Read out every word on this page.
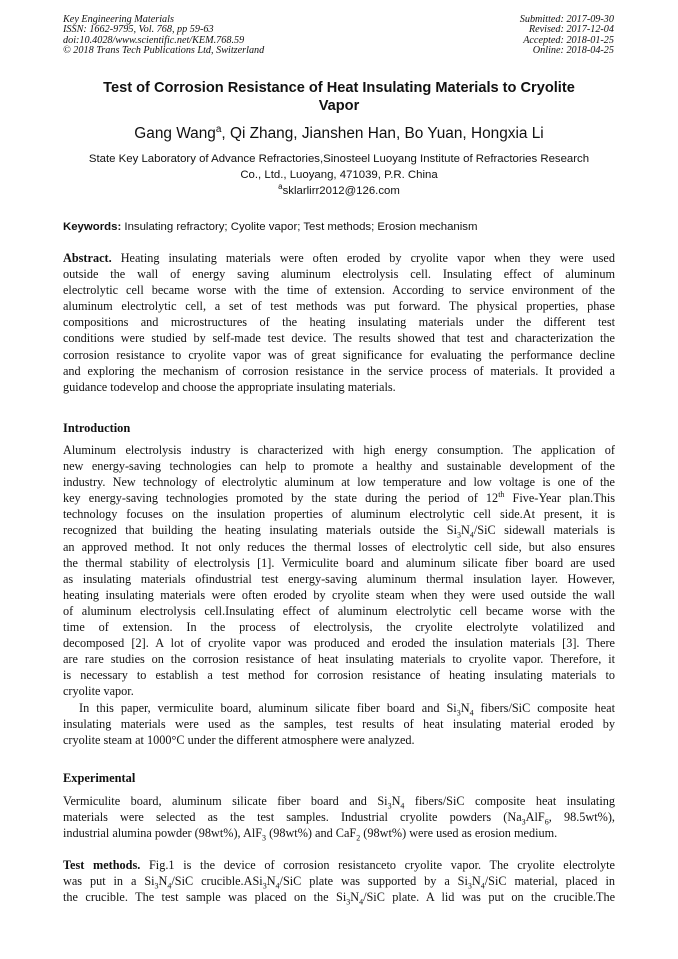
Key Engineering Materials
ISSN: 1662-9795, Vol. 768, pp 59-63
doi:10.4028/www.scientific.net/KEM.768.59
© 2018 Trans Tech Publications Ltd, Switzerland
Submitted: 2017-09-30
Revised: 2017-12-04
Accepted: 2018-01-25
Online: 2018-04-25
Test of Corrosion Resistance of Heat Insulating Materials to Cryolite
Vapor
Gang Wang$^a$, Qi Zhang, Jianshen Han, Bo Yuan, Hongxia Li
State Key Laboratory of Advance Refractories,Sinosteel Luoyang Institute of Refractories Research
Co., Ltd., Luoyang, 471039, P.R. China
$^a$sklarlirr2012@126.com
Keywords: Insulating refractory; Cyolite vapor; Test methods; Erosion mechanism
Abstract. Heating insulating materials were often eroded by cryolite vapor when they were used
outside the wall of energy saving aluminum electrolysis cell. Insulating effect of aluminum
electrolytic cell became worse with the time of extension. According to service environment of the
aluminum electrolytic cell, a set of test methods was put forward. The physical properties, phase
compositions and microstructures of the heating insulating materials under the different test
conditions were studied by self-made test device. The results showed that test and characterization the
corrosion resistance to cryolite vapor was of great significance for evaluating the performance decline
and exploring the mechanism of corrosion resistance in the service process of materials. It provided a
guidance todevelop and choose the appropriate insulating materials.
Introduction
Aluminum electrolysis industry is characterized with high energy consumption. The application of
new energy-saving technologies can help to promote a healthy and sustainable development of the
industry. New technology of electrolytic aluminum at low temperature and low voltage is one of the
key energy-saving technologies promoted by the state during the period of 12th Five-Year plan.This
technology focuses on the insulation properties of aluminum electrolytic cell side.At present, it is
recognized that building the heating insulating materials outside the $Si_3N_4$/SiC sidewall materials is
an approved method. It not only reduces the thermal losses of electrolytic cell side, but also ensures
the thermal stability of electrolysis [1]. Vermiculite board and aluminum silicate fiber board are used
as insulating materials ofindustrial test energy-saving aluminum thermal insulation layer. However,
heating insulating materials were often eroded by cryolite steam when they were used outside the wall
of aluminum electrolysis cell.Insulating effect of aluminum electrolytic cell became worse with the
time of extension. In the process of electrolysis, the cryolite electrolyte volatilized and
decomposed [2]. A lot of cryolite vapor was produced and eroded the insulation materials [3]. There
are rare studies on the corrosion resistance of heat insulating materials to cryolite vapor. Therefore, it
is necessary to establish a test method for corrosion resistance of heating insulating materials to
cryolite vapor.
In this paper, vermiculite board, aluminum silicate fiber board and $Si_3N_4$ fibers/SiC composite heat
insulating materials were used as the samples, test results of heat insulating material eroded by
cryolite steam at 1000°C under the different atmosphere were analyzed.
Experimental
Vermiculite board, aluminum silicate fiber board and $Si_3N_4$ fibers/SiC composite heat insulating
materials were selected as the test samples. Industrial cryolite powders ($Na_3AlF_6$, 98.5wt%),
industrial alumina powder (98wt%), AlF$_3$ (98wt%) and CaF$_2$ (98wt%) were used as erosion medium.
Test methods. Fig.1 is the device of corrosion resistanceto cryolite vapor. The cryolite electrolyte
was put in a $Si_3N_4$/SiC $crucible.ASi_3N_4$/SiC plate was supported by a $Si_3N_4$/SiC material, placed in
the crucible. The test sample was placed on the $Si_3N_4$/SiC plate. A lid was put on the crucible.The
